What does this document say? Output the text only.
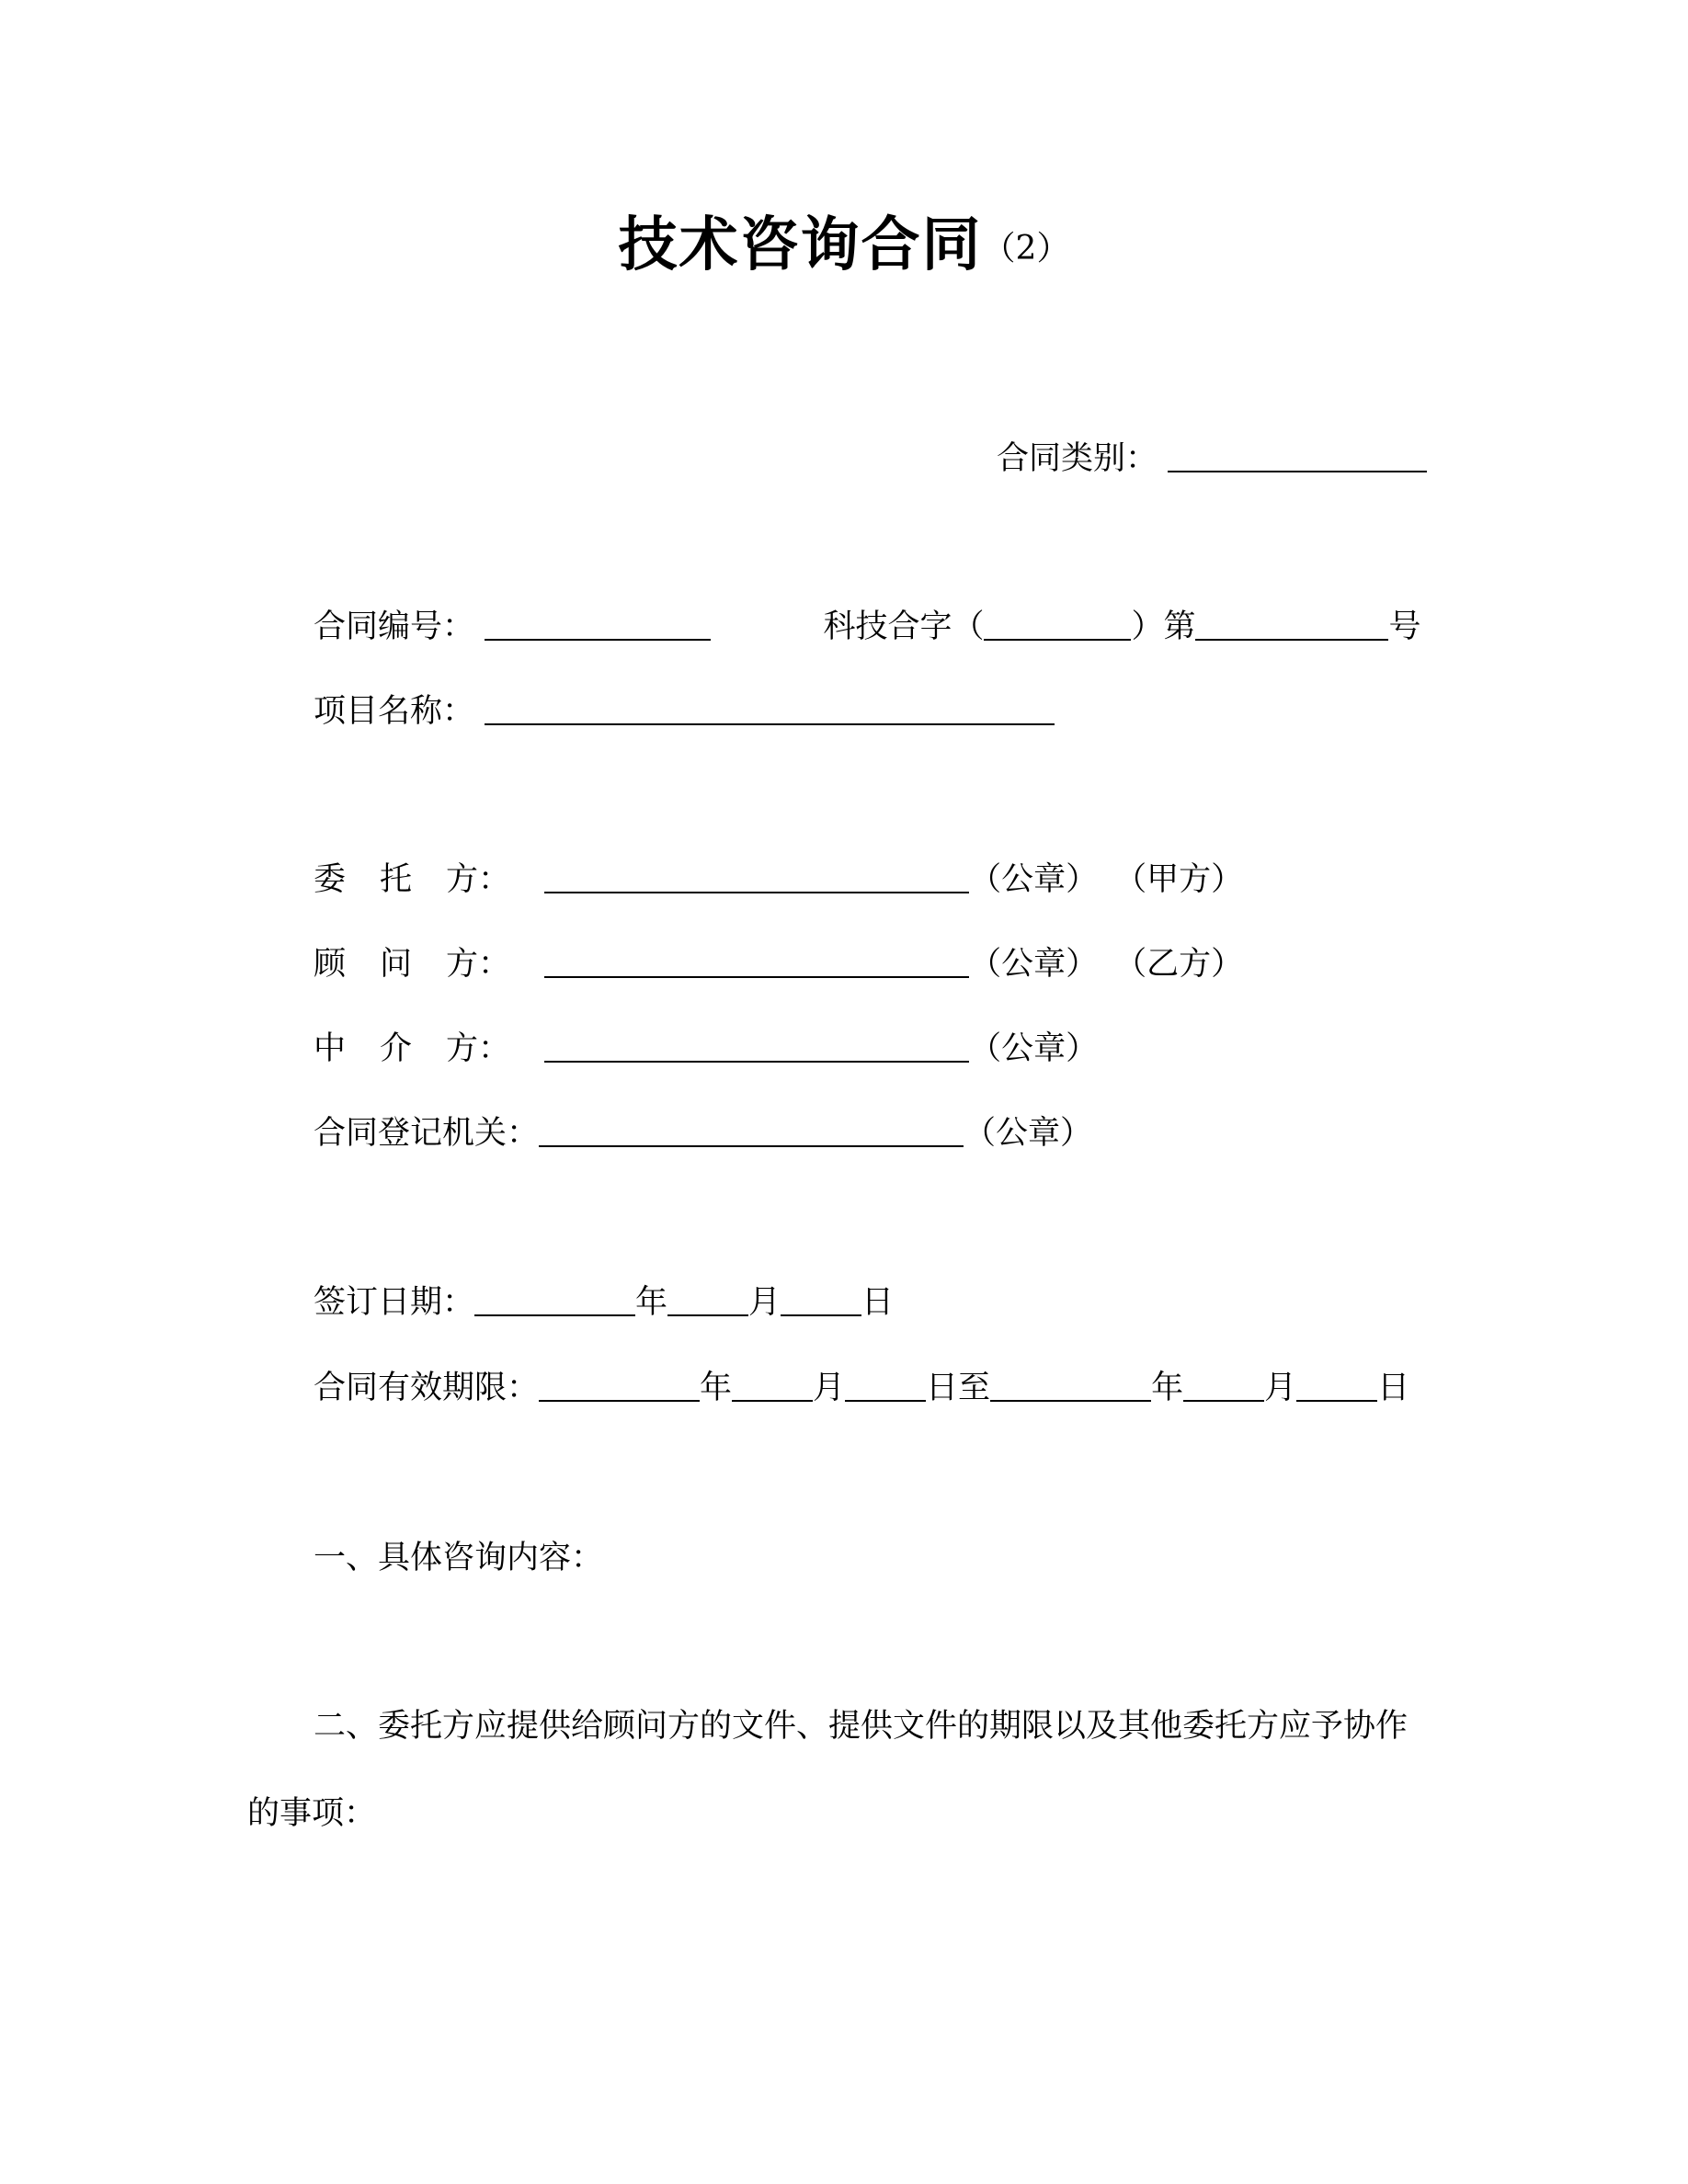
技术咨询合同（2）
合同类别：
合同编号：	科技合字（	）第	号
项目名称：
委 托 方：	（公章） （甲方）
顾 问 方：	（公章） （乙方）
中 介 方：	（公章）
合同登记机关：	（公章）
签订日期：	年	月	日
合同有效期限：	年	月	日至	年	月	日
一、具体咨询内容：
二、委托方应提供给顾问方的文件、提供文件的期限以及其他委托方应予协作
的事项：
